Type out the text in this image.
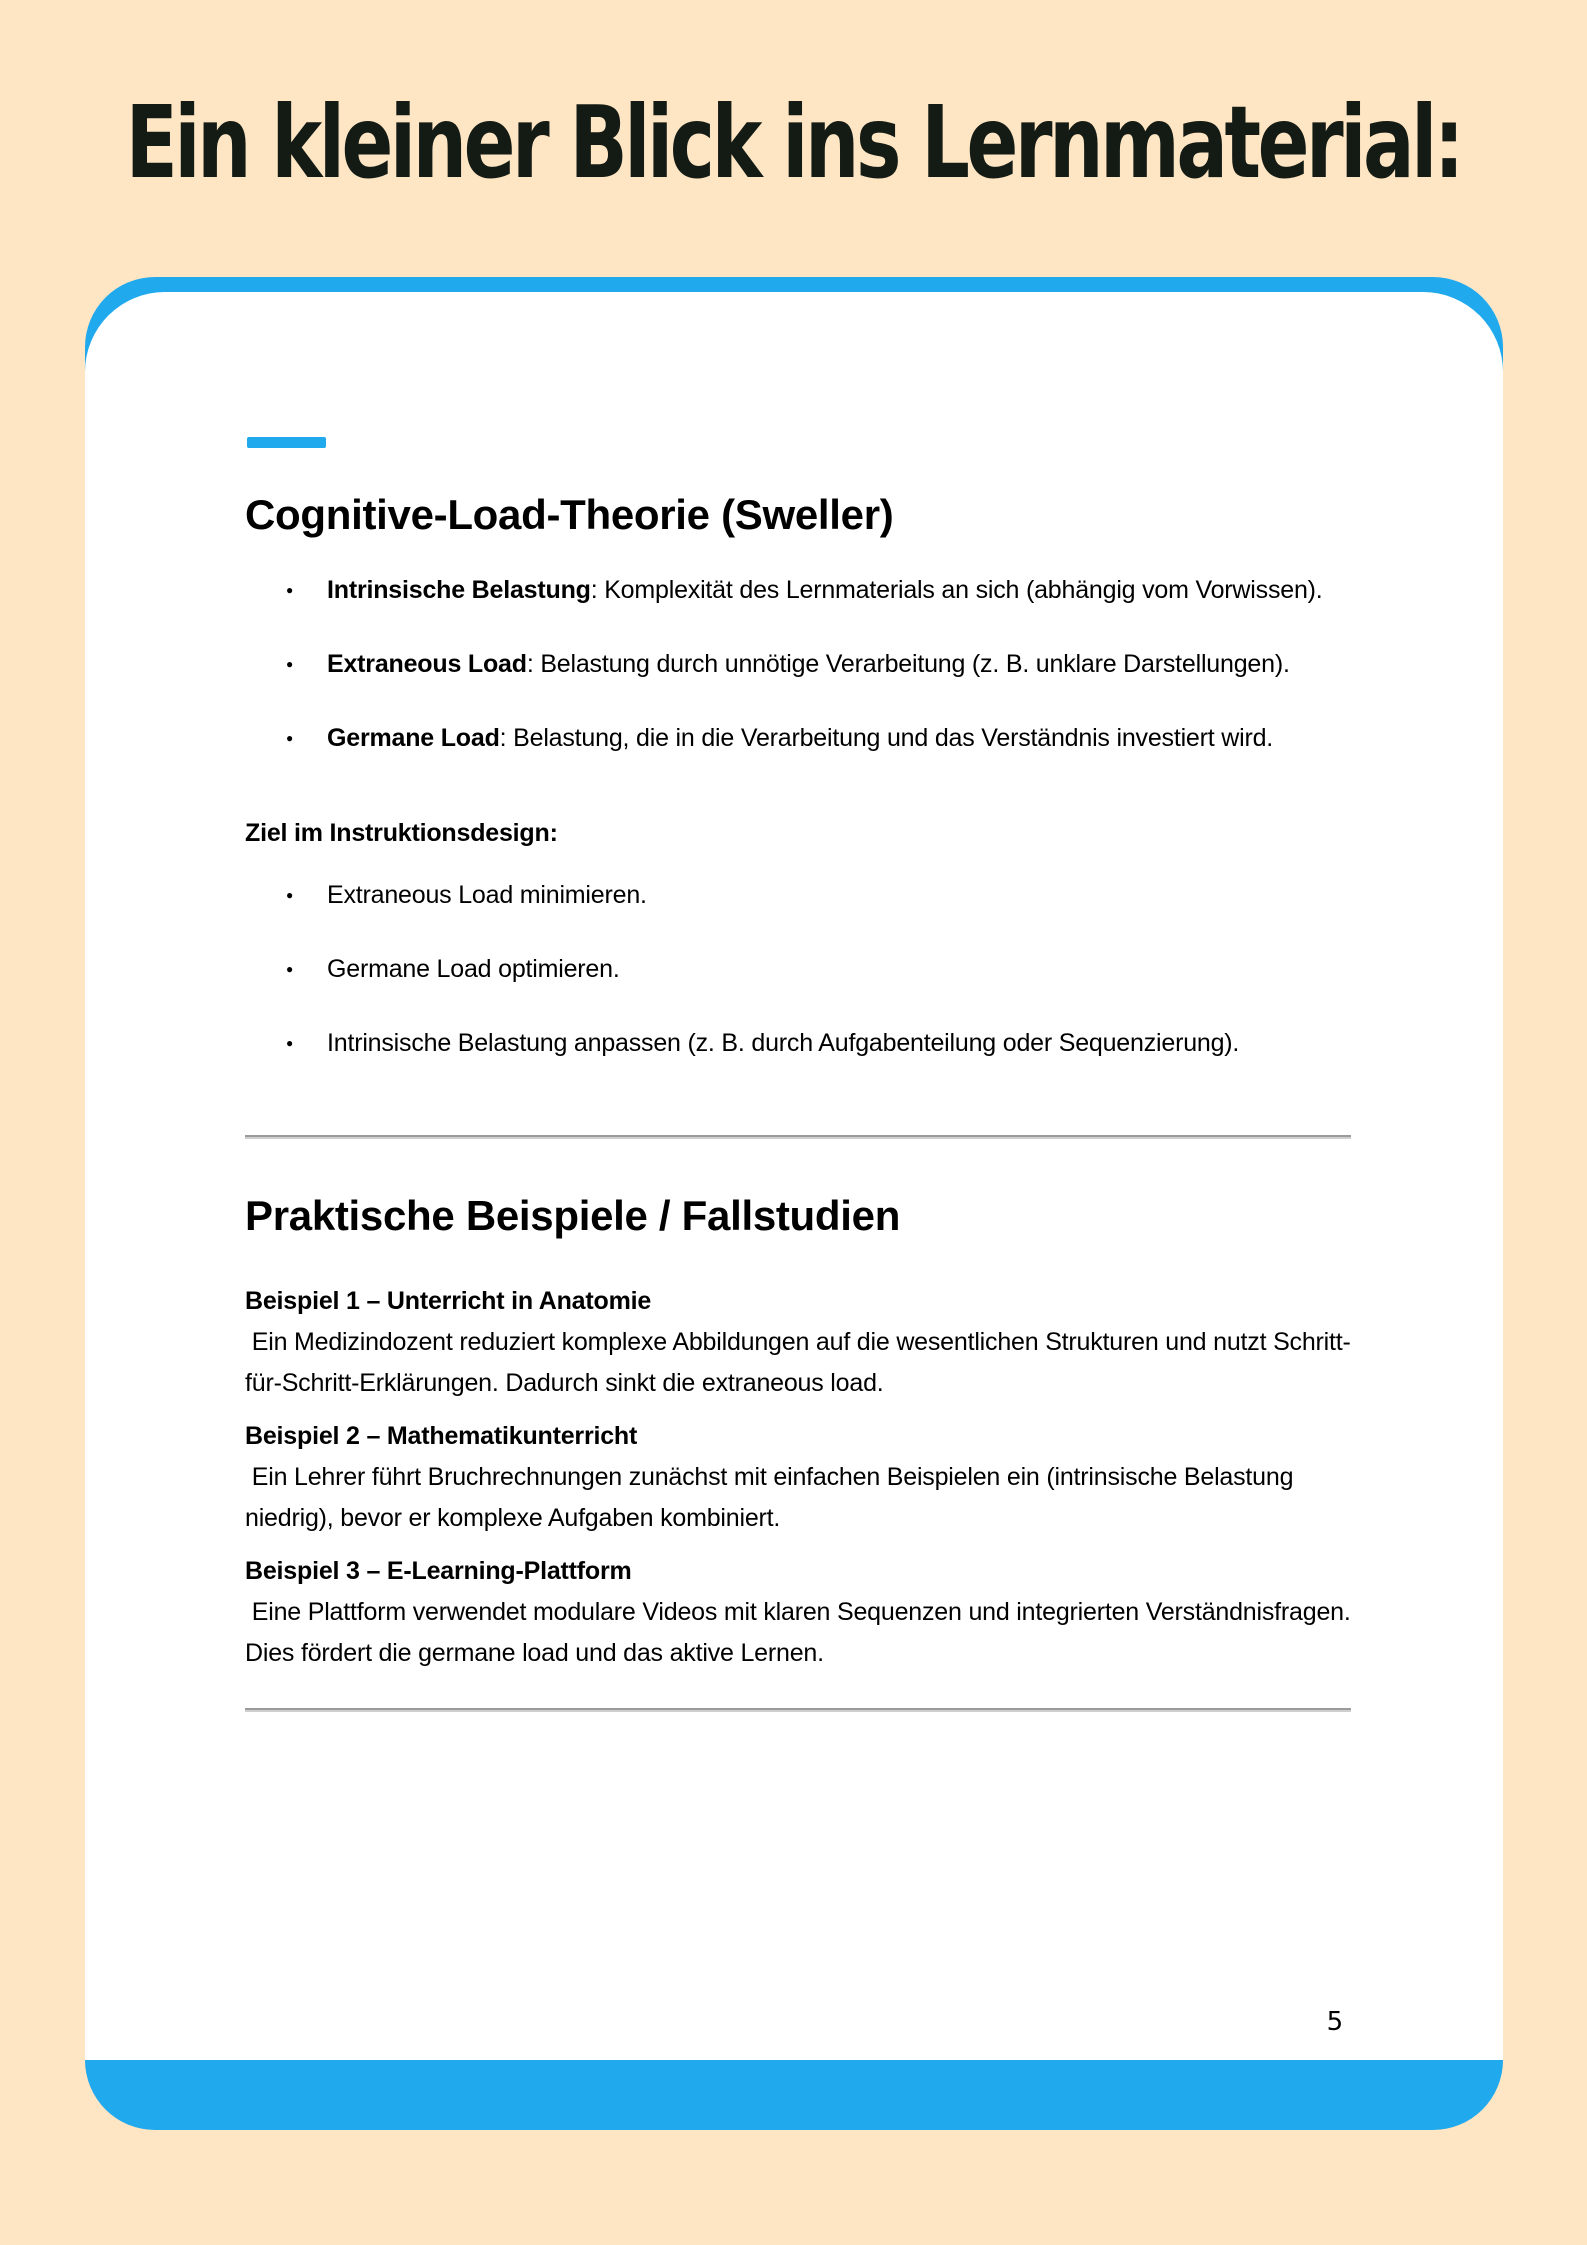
Ein kleiner Blick ins Lernmaterial:
Cognitive-Load-Theorie (Sweller)
● Intrinsische Belastung: Komplexität des Lernmaterials an sich (abhängig vom Vorwissen).
● Extraneous Load: Belastung durch unnötige Verarbeitung (z. B. unklare Darstellungen).
● Germane Load: Belastung, die in die Verarbeitung und das Verständnis investiert wird.

Ziel im Instruktionsdesign:

● Extraneous Load minimieren.
● Germane Load optimieren.
● Intrinsische Belastung anpassen (z. B. durch Aufgabenteilung oder Sequenzierung).
Praktische Beispiele / Fallstudien

Beispiel 1 – Unterricht in Anatomie

Ein Medizindozent reduziert komplexe Abbildungen auf die wesentlichen Strukturen und nutzt Schritt-für-Schritt-Erklärungen. Dadurch sinkt die extraneous load.

Beispiel 2 – Mathematikunterricht

Ein Lehrer führt Bruchrechnungen zunächst mit einfachen Beispielen ein (intrinsische Belastung niedrig), bevor er komplexe Aufgaben kombiniert.

Beispiel 3 – E-Learning-Plattform

Eine Plattform verwendet modulare Videos mit klaren Sequenzen und integrierten Verständnisfragen. Dies fördert die germane load und das aktive Lernen.

5
